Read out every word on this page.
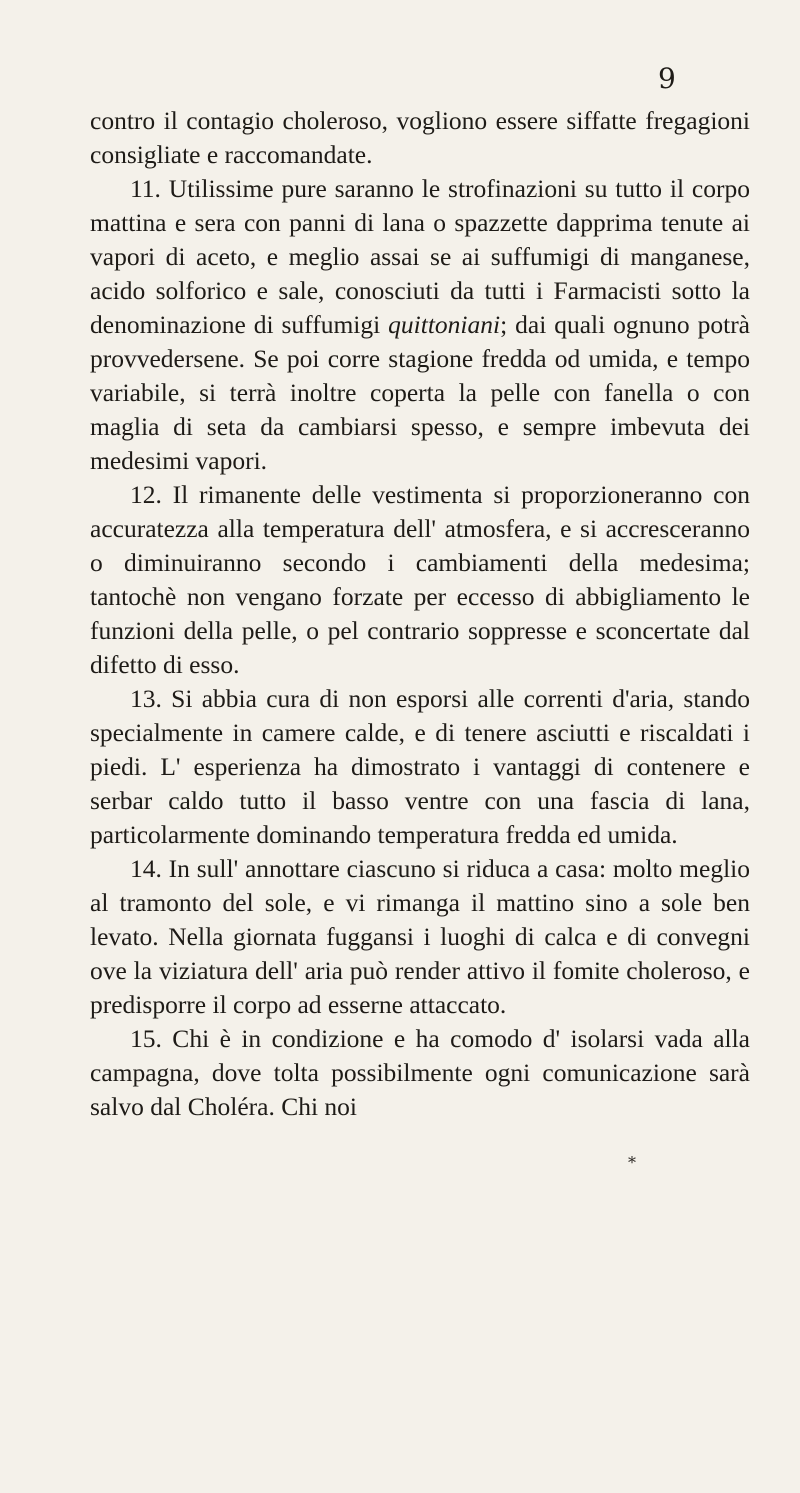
9

contro il contagio choleroso, vogliono essere siffatte fregagioni consigliate e raccomandate.

11. Utilissime pure saranno le strofinazioni su tutto il corpo mattina e sera con panni di lana o spazzette dapprima tenute ai vapori di aceto, e meglio assai se ai suffumigi di manganese, acido solforico e sale, conosciuti da tutti i Farmacisti sotto la denominazione di suffumigi quittoniani; dai quali ognuno potrà provvedersene. Se poi corre stagione fredda od umida, e tempo variabile, si terrà inoltre coperta la pelle con fanella o con maglia di seta da cambiarsi spesso, e sempre imbevuta dei medesimi vapori.

12. Il rimanente delle vestimenta si proporzioneranno con accuratezza alla temperatura dell' atmosfera, e si accresceranno o diminuiranno secondo i cambiamenti della medesima; tantochè non vengano forzate per eccesso di abbigliamento le funzioni della pelle, o pel contrario soppresse e sconcertate dal difetto di esso.

13. Si abbia cura di non esporsi alle correnti d'aria, stando specialmente in camere calde, e di tenere asciutti e riscaldati i piedi. L' esperienza ha dimostrato i vantaggi di contenere e serbar caldo tutto il basso ventre con una fascia di lana, particolarmente dominando temperatura fredda ed umida.

14. In sull' annottare ciascuno si riduca a casa: molto meglio al tramonto del sole, e vi rimanga il mattino sino a sole ben levato. Nella giornata fuggansi i luoghi di calca e di convegni ove la viziatura dell' aria può render attivo il fomite choleroso, e predisporre il corpo ad esserne attaccato.

15. Chi è in condizione e ha comodo d' isolarsi vada alla campagna, dove tolta possibilmente ogni comunicazione sarà salvo dal Choléra. Chi noi

*
